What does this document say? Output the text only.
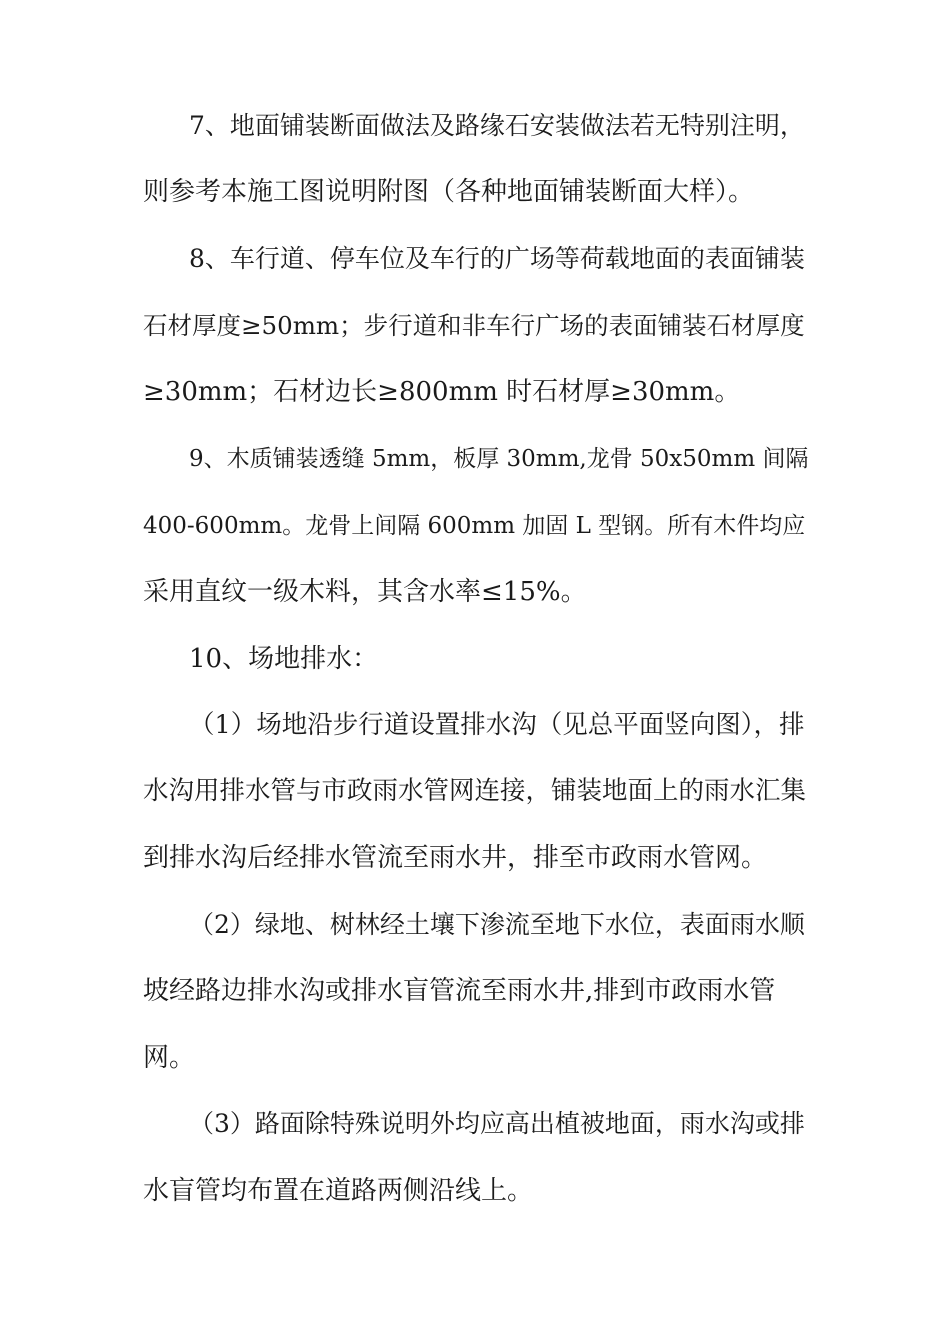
7、地面铺装断面做法及路缘石安装做法若无特别注明，
则参考本施工图说明附图（各种地面铺装断面大样）。
8、车行道、停车位及车行的广场等荷载地面的表面铺装
石材厚度≥50mm；步行道和非车行广场的表面铺装石材厚度
≥30mm；石材边长≥800mm 时石材厚≥30mm。
9、木质铺装透缝 5mm，板厚 30mm,龙骨 50x50mm 间隔
400-600mm。龙骨上间隔 600mm 加固 L 型钢。所有木件均应
采用直纹一级木料，其含水率≤15%。
10、场地排水：
（1）场地沿步行道设置排水沟（见总平面竖向图），排
水沟用排水管与市政雨水管网连接，铺装地面上的雨水汇集
到排水沟后经排水管流至雨水井，排至市政雨水管网。
（2）绿地、树林经土壤下渗流至地下水位，表面雨水顺
坡经路边排水沟或排水盲管流至雨水井,排到市政雨水管
网。
（3）路面除特殊说明外均应高出植被地面，雨水沟或排
水盲管均布置在道路两侧沿线上。
